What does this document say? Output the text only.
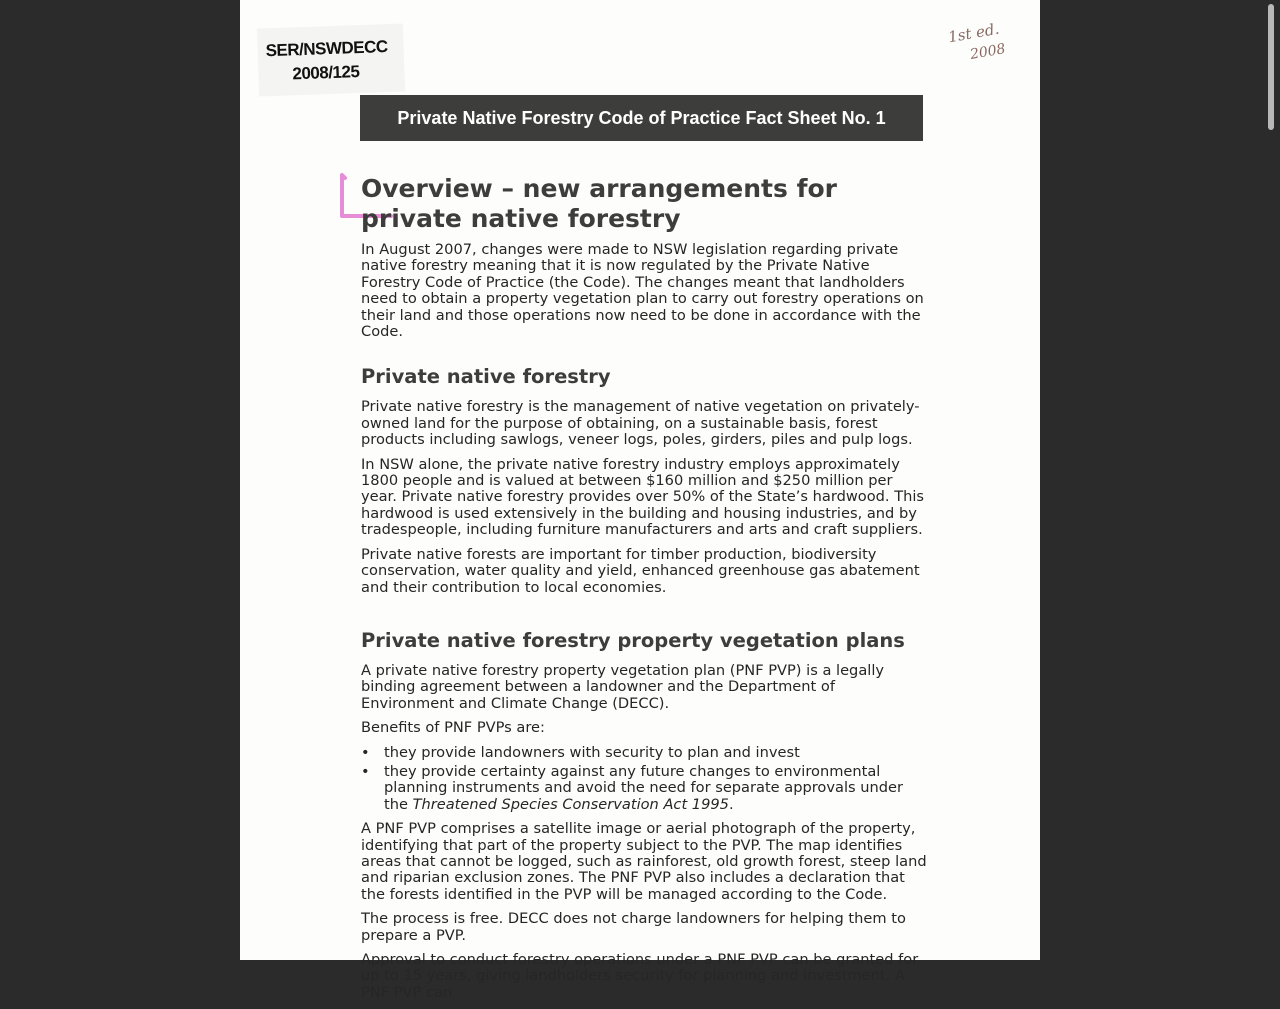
SER/NSWDECC
2008/125
1st ed.
2008
Private Native Forestry Code of Practice Fact Sheet No. 1
Overview – new arrangements for private native forestry

In August 2007, changes were made to NSW legislation regarding private native forestry meaning that it is now regulated by the Private Native Forestry Code of Practice (the Code). The changes meant that landholders need to obtain a property vegetation plan to carry out forestry operations on their land and those operations now need to be done in accordance with the Code.

Private native forestry

Private native forestry is the management of native vegetation on privately-owned land for the purpose of obtaining, on a sustainable basis, forest products including sawlogs, veneer logs, poles, girders, piles and pulp logs.

In NSW alone, the private native forestry industry employs approximately 1800 people and is valued at between $160 million and $250 million per year. Private native forestry provides over 50% of the State’s hardwood. This hardwood is used extensively in the building and housing industries, and by tradespeople, including furniture manufacturers and arts and craft suppliers.

Private native forests are important for timber production, biodiversity conservation, water quality and yield, enhanced greenhouse gas abatement and their contribution to local economies.

Private native forestry property vegetation plans

A private native forestry property vegetation plan (PNF PVP) is a legally binding agreement between a landowner and the Department of Environment and Climate Change (DECC).

Benefits of PNF PVPs are:

• they provide landowners with security to plan and invest
• they provide certainty against any future changes to environmental planning instruments and avoid the need for separate approvals under the Threatened Species Conservation Act 1995.

A PNF PVP comprises a satellite image or aerial photograph of the property, identifying that part of the property subject to the PVP. The map identifies areas that cannot be logged, such as rainforest, old growth forest, steep land and riparian exclusion zones. The PNF PVP also includes a declaration that the forests identified in the PVP will be managed according to the Code.

The process is free. DECC does not charge landowners for helping them to prepare a PVP.

Approval to conduct forestry operations under a PNF PVP can be granted for up to 15 years, giving landholders security for planning and investment. A PNF PVP can
